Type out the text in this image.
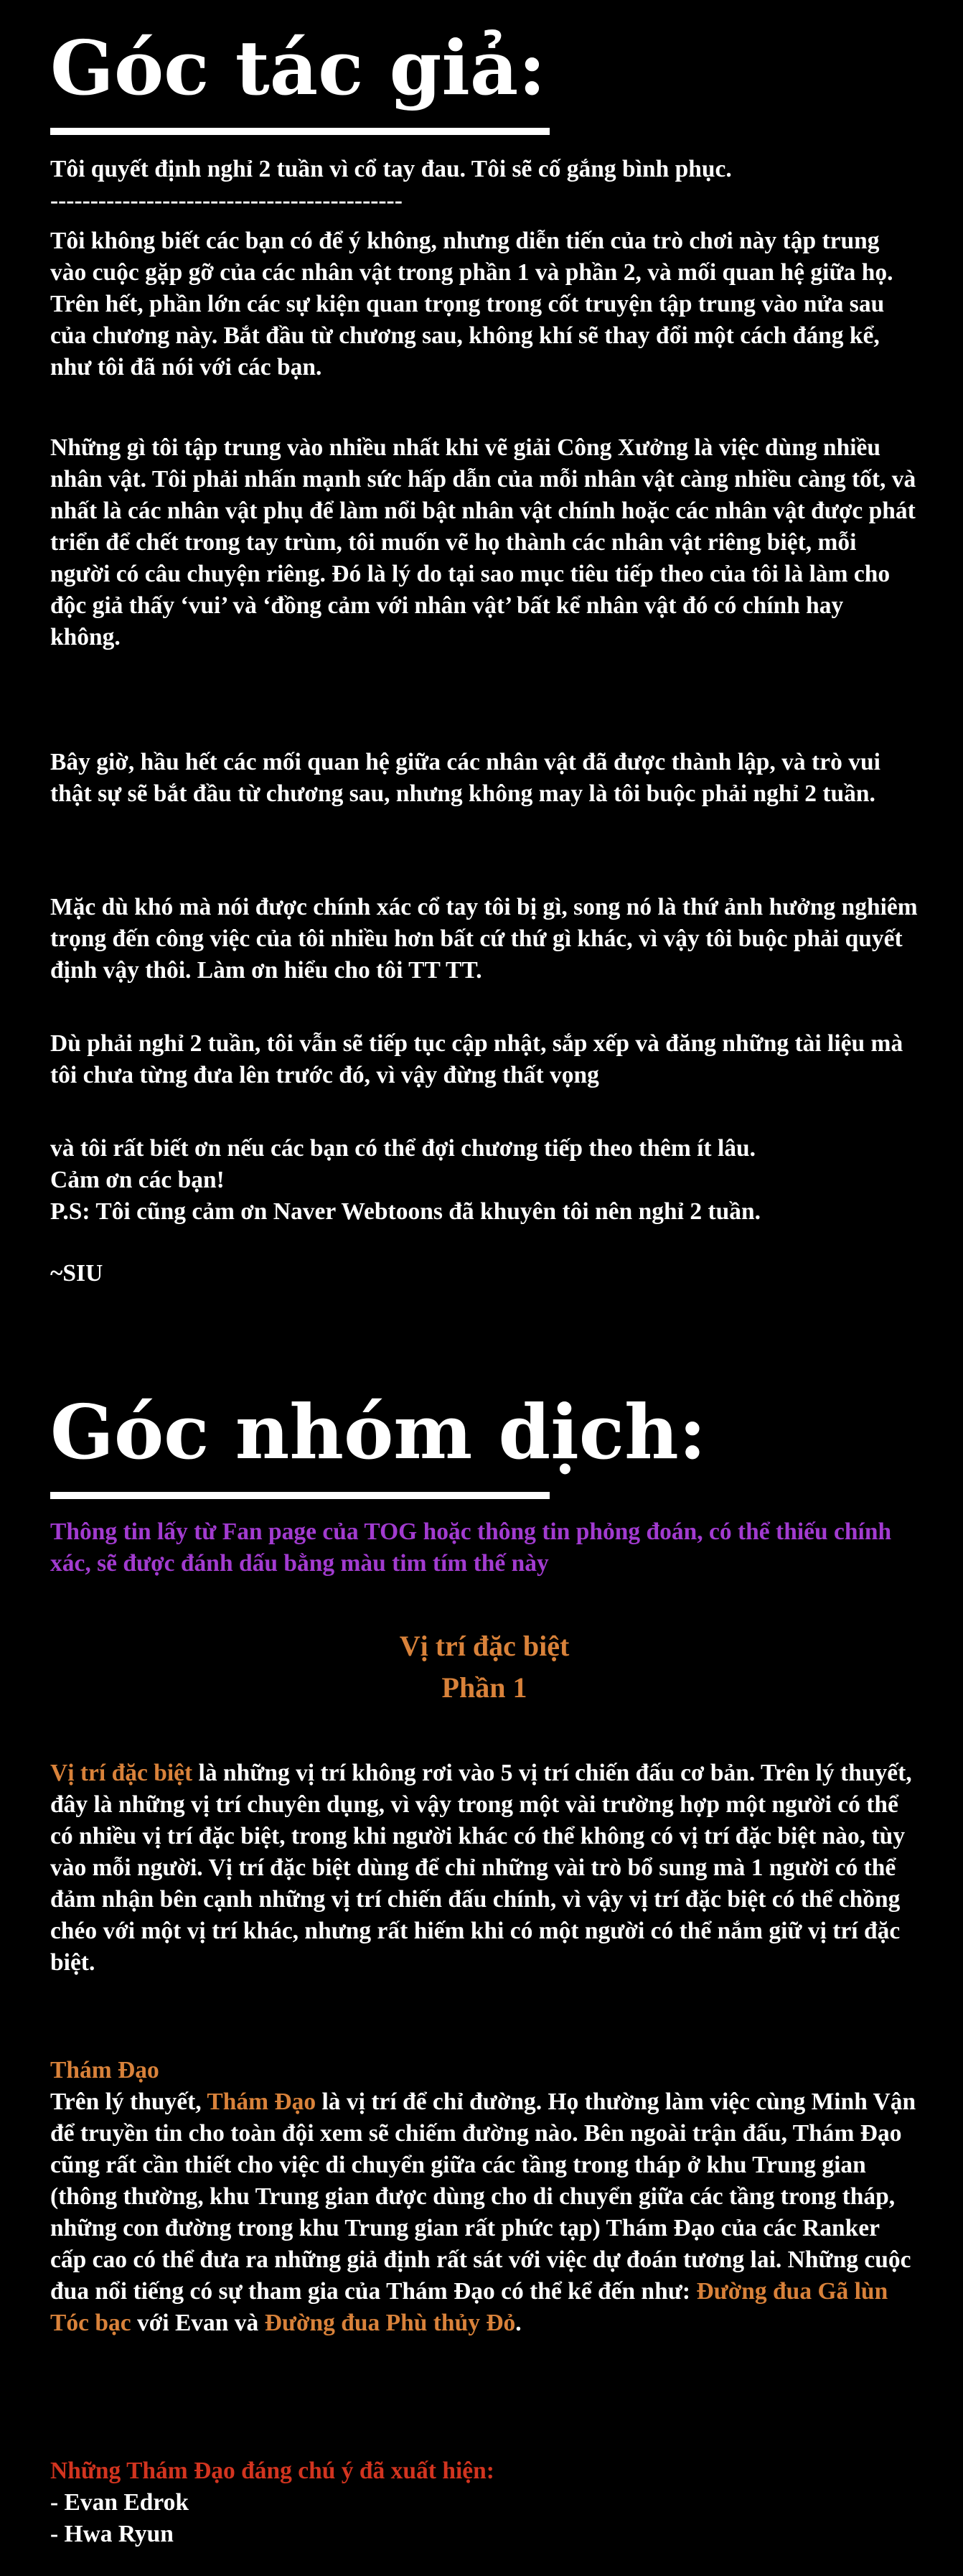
Góc tác giả:

Tôi quyết định nghỉ 2 tuần vì cổ tay đau. Tôi sẽ cố gắng bình phục.

--------------------------------------------

Tôi không biết các bạn có để ý không, nhưng diễn tiến của trò chơi này tập trung vào cuộc gặp gỡ của các nhân vật trong phần 1 và phần 2, và mối quan hệ giữa họ. Trên hết, phần lớn các sự kiện quan trọng trong cốt truyện tập trung vào nửa sau của chương này. Bắt đầu từ chương sau, không khí sẽ thay đổi một cách đáng kể, như tôi đã nói với các bạn.

Những gì tôi tập trung vào nhiều nhất khi vẽ giải Công Xưởng là việc dùng nhiều nhân vật. Tôi phải nhấn mạnh sức hấp dẫn của mỗi nhân vật càng nhiều càng tốt, và nhất là các nhân vật phụ để làm nổi bật nhân vật chính hoặc các nhân vật được phát triển để chết trong tay trùm, tôi muốn vẽ họ thành các nhân vật riêng biệt, mỗi người có câu chuyện riêng. Đó là lý do tại sao mục tiêu tiếp theo của tôi là làm cho độc giả thấy ‘vui’ và ‘đồng cảm với nhân vật’ bất kể nhân vật đó có chính hay không.

Bây giờ, hầu hết các mối quan hệ giữa các nhân vật đã được thành lập, và trò vui thật sự sẽ bắt đầu từ chương sau, nhưng không may là tôi buộc phải nghỉ 2 tuần.

Mặc dù khó mà nói được chính xác cổ tay tôi bị gì, song nó là thứ ảnh hưởng nghiêm trọng đến công việc của tôi nhiều hơn bất cứ thứ gì khác, vì vậy tôi buộc phải quyết định vậy thôi. Làm ơn hiểu cho tôi TT TT.

Dù phải nghỉ 2 tuần, tôi vẫn sẽ tiếp tục cập nhật, sắp xếp và đăng những tài liệu mà tôi chưa từng đưa lên trước đó, vì vậy đừng thất vọng

và tôi rất biết ơn nếu các bạn có thể đợi chương tiếp theo thêm ít lâu.

Cảm ơn các bạn!

P.S: Tôi cũng cảm ơn Naver Webtoons đã khuyên tôi nên nghỉ 2 tuần.

~SIU

Góc nhóm dịch:

Thông tin lấy từ Fan page của TOG hoặc thông tin phỏng đoán, có thể thiếu chính xác, sẽ được đánh dấu bằng màu tim tím thế này

Vị trí đặc biệt

Phần 1

Vị trí đặc biệt là những vị trí không rơi vào 5 vị trí chiến đấu cơ bản. Trên lý thuyết, đây là những vị trí chuyên dụng, vì vậy trong một vài trường hợp một người có thể có nhiều vị trí đặc biệt, trong khi người khác có thể không có vị trí đặc biệt nào, tùy vào mỗi người. Vị trí đặc biệt dùng để chỉ những vài trò bổ sung mà 1 người có thể đảm nhận bên cạnh những vị trí chiến đấu chính, vì vậy vị trí đặc biệt có thể chồng chéo với một vị trí khác, nhưng rất hiếm khi có một người có thể nắm giữ vị trí đặc biệt.

Thám Đạo

Trên lý thuyết, Thám Đạo là vị trí để chỉ đường. Họ thường làm việc cùng Minh Vận để truyền tin cho toàn đội xem sẽ chiếm đường nào. Bên ngoài trận đấu, Thám Đạo cũng rất cần thiết cho việc di chuyển giữa các tầng trong tháp ở khu Trung gian (thông thường, khu Trung gian được dùng cho di chuyển giữa các tầng trong tháp, những con đường trong khu Trung gian rất phức tạp) Thám Đạo của các Ranker cấp cao có thể đưa ra những giả định rất sát với việc dự đoán tương lai. Những cuộc đua nổi tiếng có sự tham gia của Thám Đạo có thể kể đến như: Đường đua Gã lùn Tóc bạc với Evan và Đường đua Phù thủy Đỏ.

Những Thám Đạo đáng chú ý đã xuất hiện:

- Evan Edrok

- Hwa Ryun
